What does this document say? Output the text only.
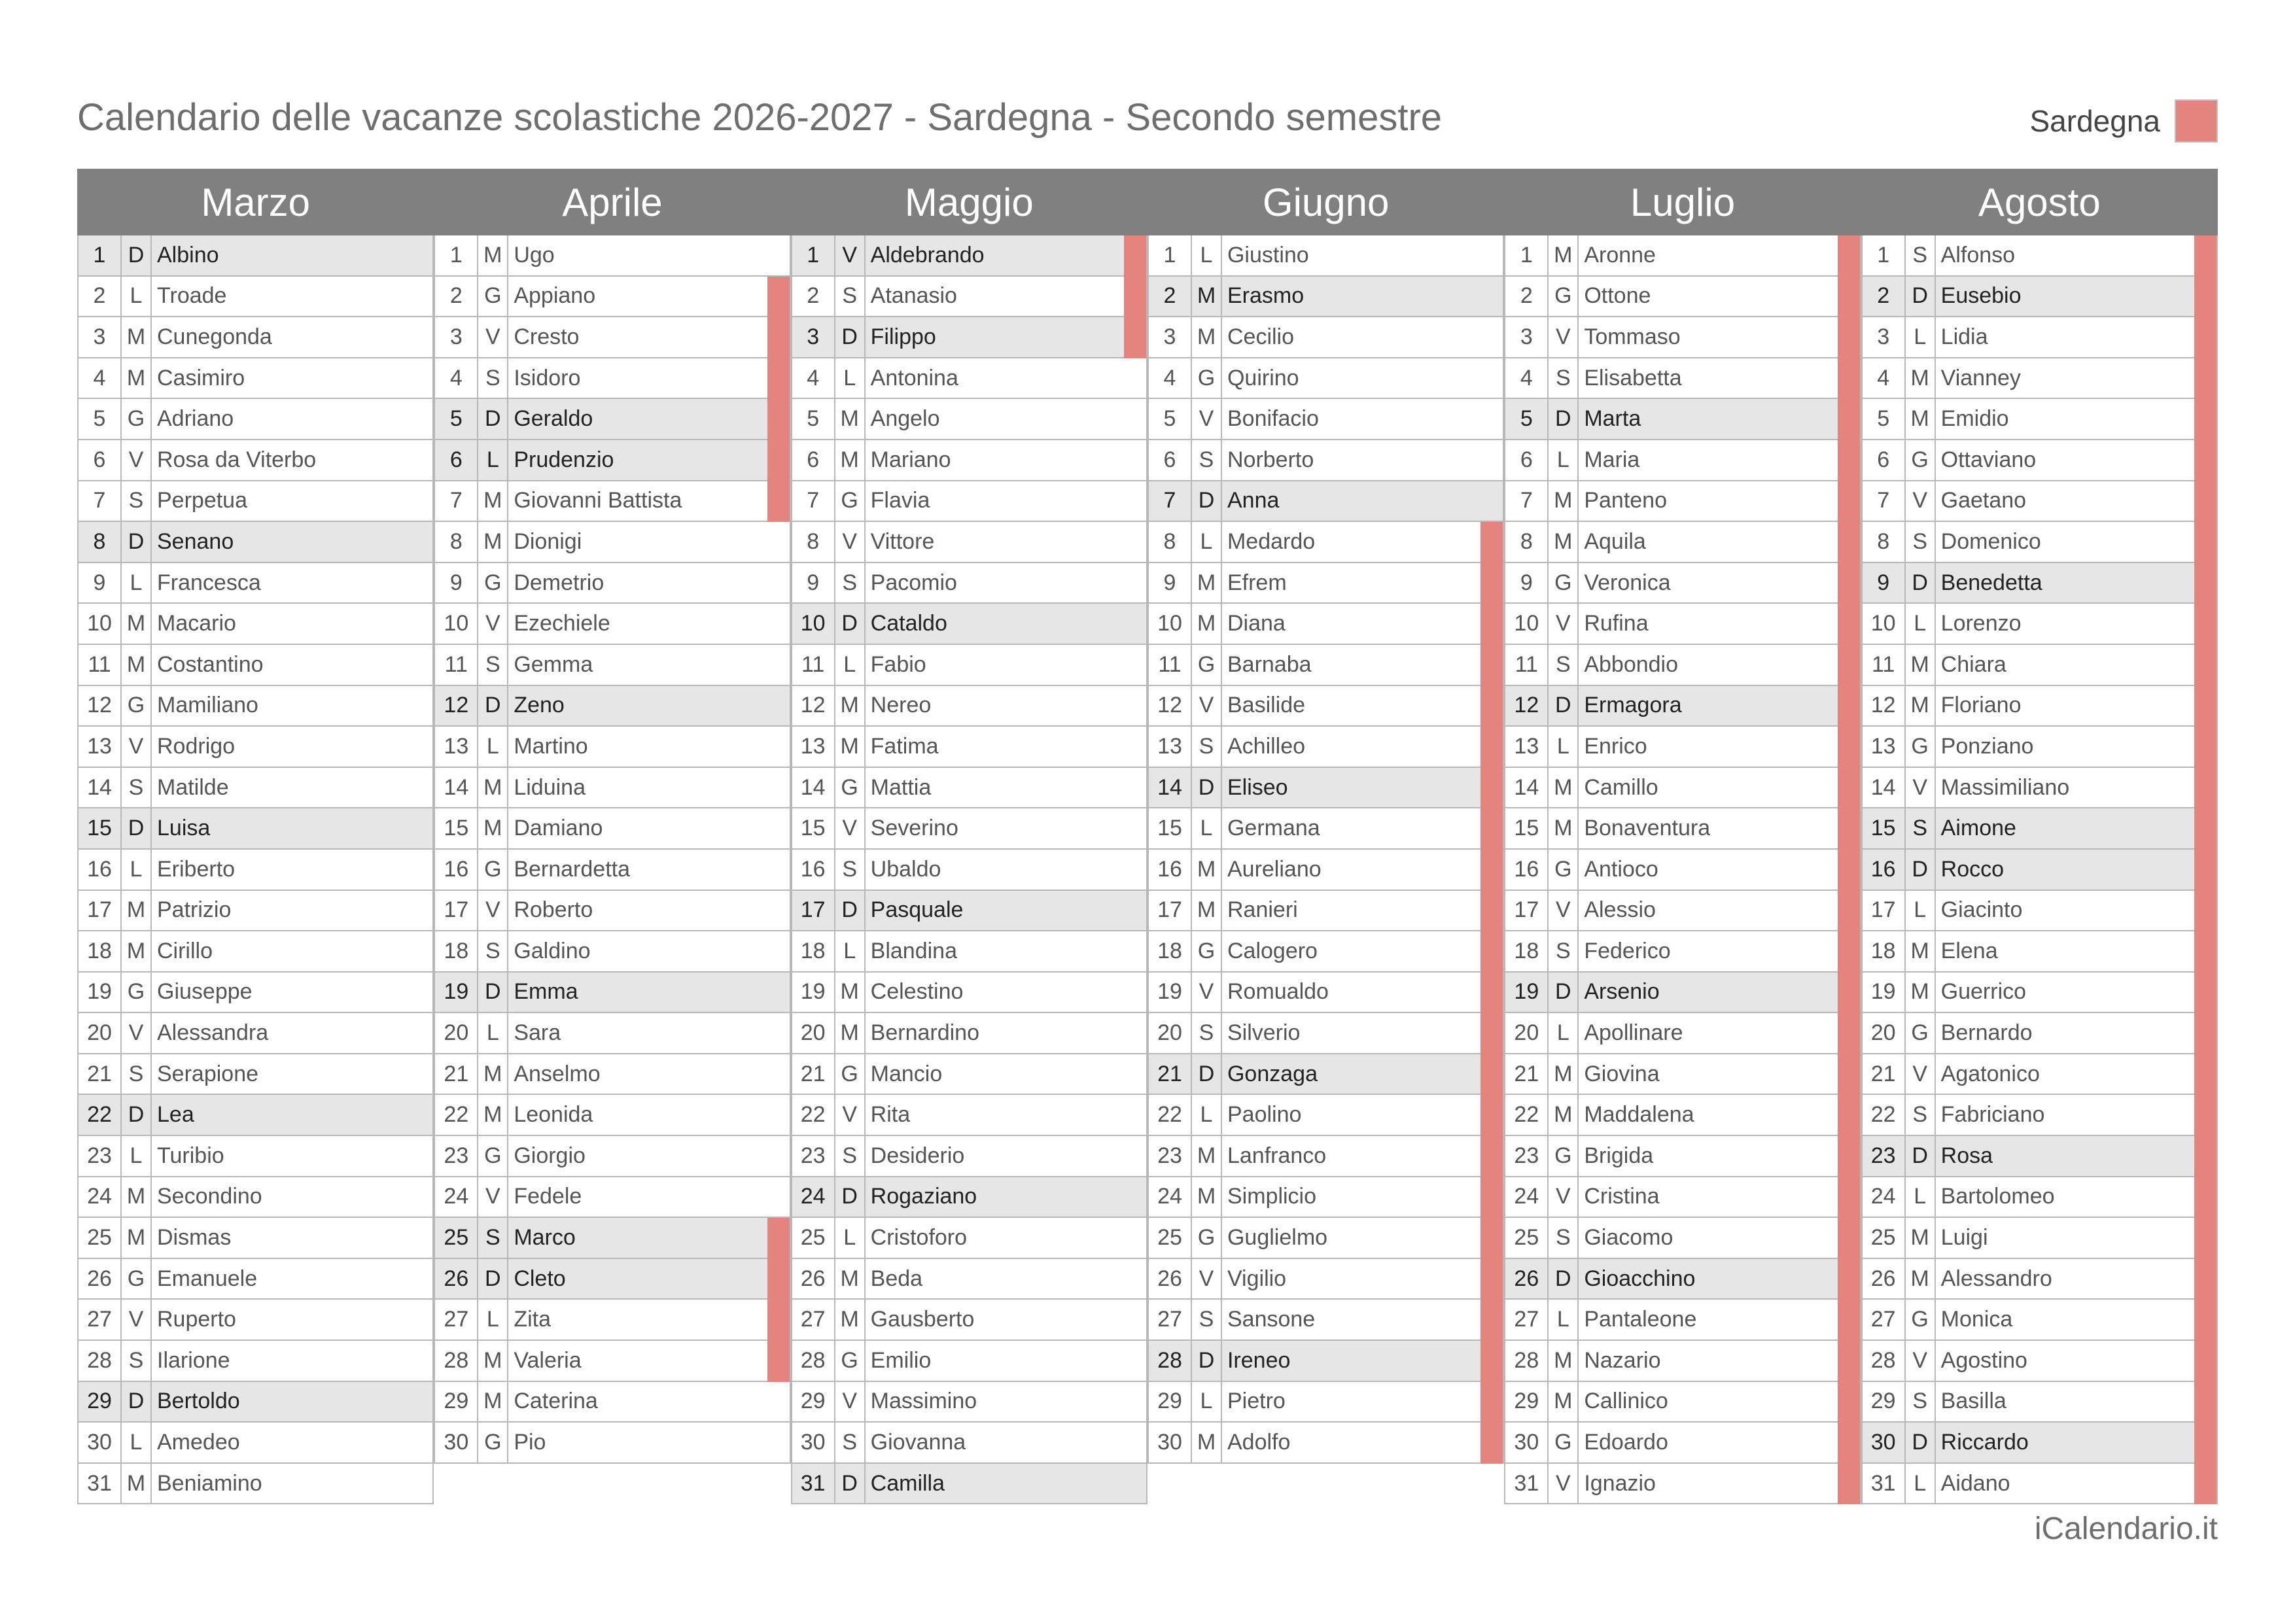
Calendario delle vacanze scolastiche 2026-2027 - Sardegna - Secondo semestre	Sardegna
Marzo
1	D Albino
2	L Troade
3 M Cunegonda
4 M Casimiro
5 G Adriano
6	V Rosa da Viterbo
7	S Perpetua
8	D Senano
9	L Francesca
10 M Macario
11 M Costantino
12 G Mamiliano
13 V Rodrigo
14 S Matilde
15 D Luisa
16 L Eriberto
17 M Patrizio
18 M Cirillo
19 G Giuseppe
20 V Alessandra
21 S Serapione
22 D Lea
23 L Turibio
24 M Secondino
25 M Dismas
26 G Emanuele
27 V Ruperto
28 S Ilarione
29 D Bertoldo
30 L Amedeo
31 M Beniamino
Aprile
1 M Ugo
2 G Appiano
3	V Cresto
4	S Isidoro
5	D Geraldo
6	L Prudenzio
7 M Giovanni Battista
8 M Dionigi
9 G Demetrio
10 V Ezechiele
11 S Gemma
12 D Zeno
13 L Martino
14 M Liduina
15 M Damiano
16 G Bernardetta
17 V Roberto
18 S Galdino
19 D Emma
20 L Sara
21 M Anselmo
22 M Leonida
23 G Giorgio
24 V Fedele
25 S Marco
26 D Cleto
27 L Zita
28 M Valeria
29 M Caterina
30 G Pio
Maggio
1	V Aldebrando
2	S Atanasio
3	D Filippo
4	L Antonina
5 M Angelo
6 M Mariano
7 G Flavia
8	V Vittore
9	S Pacomio
10 D Cataldo
11 L Fabio
12 M Nereo
13 M Fatima
14 G Mattia
15 V Severino
16 S Ubaldo
17 D Pasquale
18 L Blandina
19 M Celestino
20 M Bernardino
21 G Mancio
22 V Rita
23 S Desiderio
24 D Rogaziano
25 L Cristoforo
26 M Beda
27 M Gausberto
28 G Emilio
29 V Massimino
30 S Giovanna
31 D Camilla
Giugno
1	L Giustino
2 M Erasmo
3 M Cecilio
4 G Quirino
5	V Bonifacio
6	S Norberto
7	D Anna
8	L Medardo
9 M Efrem
10 M Diana
11 G Barnaba
12 V Basilide
13 S Achilleo
14 D Eliseo
15 L Germana
16 M Aureliano
17 M Ranieri
18 G Calogero
19 V Romualdo
20 S Silverio
21 D Gonzaga
22 L Paolino
23 M Lanfranco
24 M Simplicio
25 G Guglielmo
26 V Vigilio
27 S Sansone
28 D Ireneo
29 L Pietro
30 M Adolfo
Luglio
1 M Aronne
2 G Ottone
3	V Tommaso
4	S Elisabetta
5	D Marta
6	L Maria
7 M Panteno
8 M Aquila
9 G Veronica
10 V Rufina
11 S Abbondio
12 D Ermagora
13 L Enrico
14 M Camillo
15 M Bonaventura
16 G Antioco
17 V Alessio
18 S Federico
19 D Arsenio
20 L Apollinare
21 M Giovina
22 M Maddalena
23 G Brigida
24 V Cristina
25 S Giacomo
26 D Gioacchino
27 L Pantaleone
28 M Nazario
29 M Callinico
30 G Edoardo
31 V Ignazio
Agosto
1	S Alfonso
2	D Eusebio
3	L Lidia
4 M Vianney
5 M Emidio
6 G Ottaviano
7	V Gaetano
8	S Domenico
9	D Benedetta
10 L Lorenzo
11 M Chiara
12 M Floriano
13 G Ponziano
14 V Massimiliano
15 S Aimone
16 D Rocco
17 L Giacinto
18 M Elena
19 M Guerrico
20 G Bernardo
21 V Agatonico
22 S Fabriciano
23 D Rosa
24 L Bartolomeo
25 M Luigi
26 M Alessandro
27 G Monica
28 V Agostino
29 S Basilla
30 D Riccardo
31 L Aidano
iCalendario.it
